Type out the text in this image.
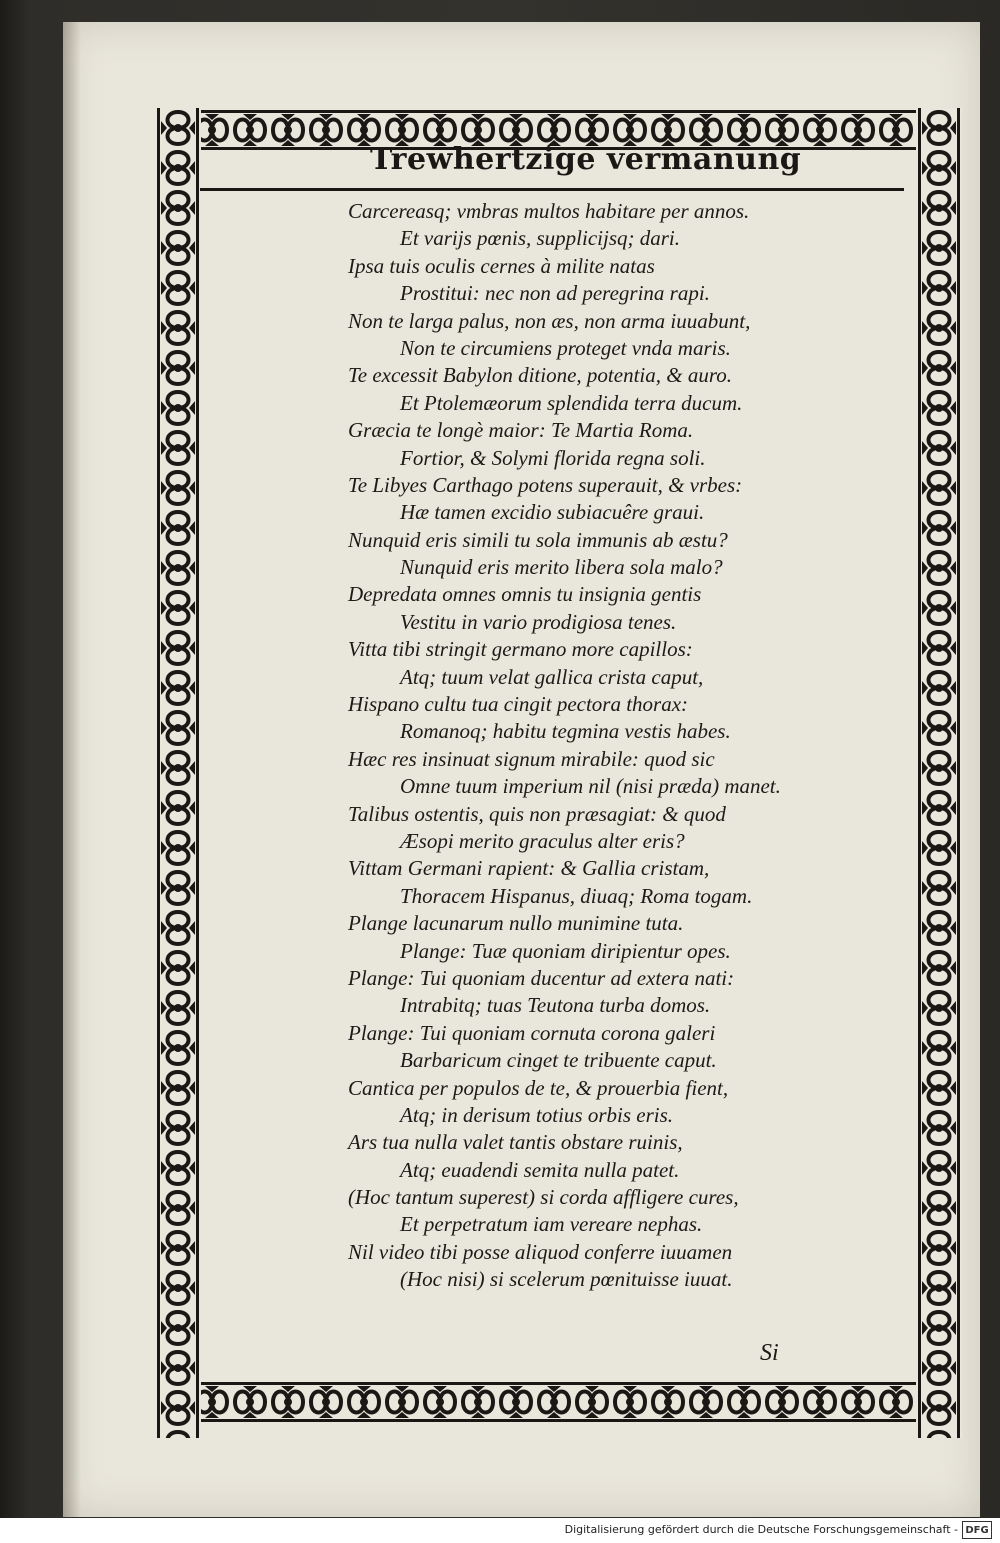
Trewhertzige vermanung
Carcereasq; vmbras multos habitare per annos.
Et varijs pœnis, supplicijsq; dari.
Ipsa tuis oculis cernes à milite natas
Prostitui: nec non ad peregrina rapi.
Non te larga palus, non æs, non arma iuuabunt,
Non te circumiens proteget vnda maris.
Te excessit Babylon ditione, potentia, & auro.
Et Ptolemæorum splendida terra ducum.
Græcia te longè maior: Te Martia Roma.
Fortior, & Solymi florida regna soli.
Te Libyes Carthago potens superauit, & vrbes:
Hæ tamen excidio subiacuêre graui.
Nunquid eris simili tu sola immunis ab æstu?
Nunquid eris merito libera sola malo?
Depredata omnes omnis tu insignia gentis
Vestitu in vario prodigiosa tenes.
Vitta tibi stringit germano more capillos:
Atq; tuum velat gallica crista caput,
Hispano cultu tua cingit pectora thorax:
Romanoq; habitu tegmina vestis habes.
Hæc res insinuat signum mirabile: quod sic
Omne tuum imperium nil (nisi præda) manet.
Talibus ostentis, quis non præsagiat: & quod
Æsopi merito graculus alter eris?
Vittam Germani rapient: & Gallia cristam,
Thoracem Hispanus, diuaq; Roma togam.
Plange lacunarum nullo munimine tuta.
Plange: Tuæ quoniam diripientur opes.
Plange: Tui quoniam ducentur ad extera nati:
Intrabitq; tuas Teutona turba domos.
Plange: Tui quoniam cornuta corona galeri
Barbaricum cinget te tribuente caput.
Cantica per populos de te, & prouerbia fient,
Atq; in derisum totius orbis eris.
Ars tua nulla valet tantis obstare ruinis,
Atq; euadendi semita nulla patet.
(Hoc tantum superest) si corda affligere cures,
Et perpetratum iam vereare nephas.
Nil video tibi posse aliquod conferre iuuamen
(Hoc nisi) si scelerum pœnituisse iuuat.
Si
Digitalisierung gefördert durch die Deutsche Forschungsgemeinschaft - DFG
